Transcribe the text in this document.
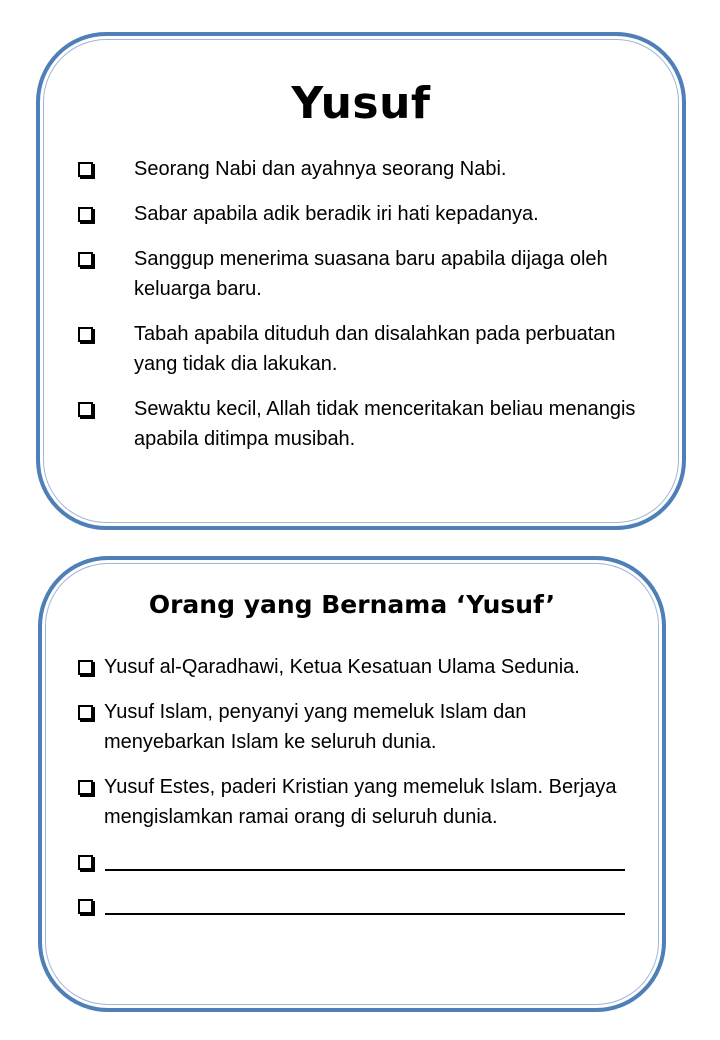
Yusuf
Seorang Nabi dan ayahnya seorang Nabi.
Sabar apabila adik beradik iri hati kepadanya.
Sanggup menerima suasana baru apabila dijaga oleh keluarga baru.
Tabah apabila dituduh dan disalahkan pada perbuatan yang tidak dia lakukan.
Sewaktu kecil, Allah tidak menceritakan beliau menangis apabila ditimpa musibah.
Orang yang Bernama ‘Yusuf’
Yusuf al-Qaradhawi, Ketua Kesatuan Ulama Sedunia.
Yusuf Islam, penyanyi yang memeluk Islam dan menyebarkan Islam ke seluruh dunia.
Yusuf Estes, paderi Kristian yang memeluk Islam. Berjaya mengislamkan ramai orang di seluruh dunia.
